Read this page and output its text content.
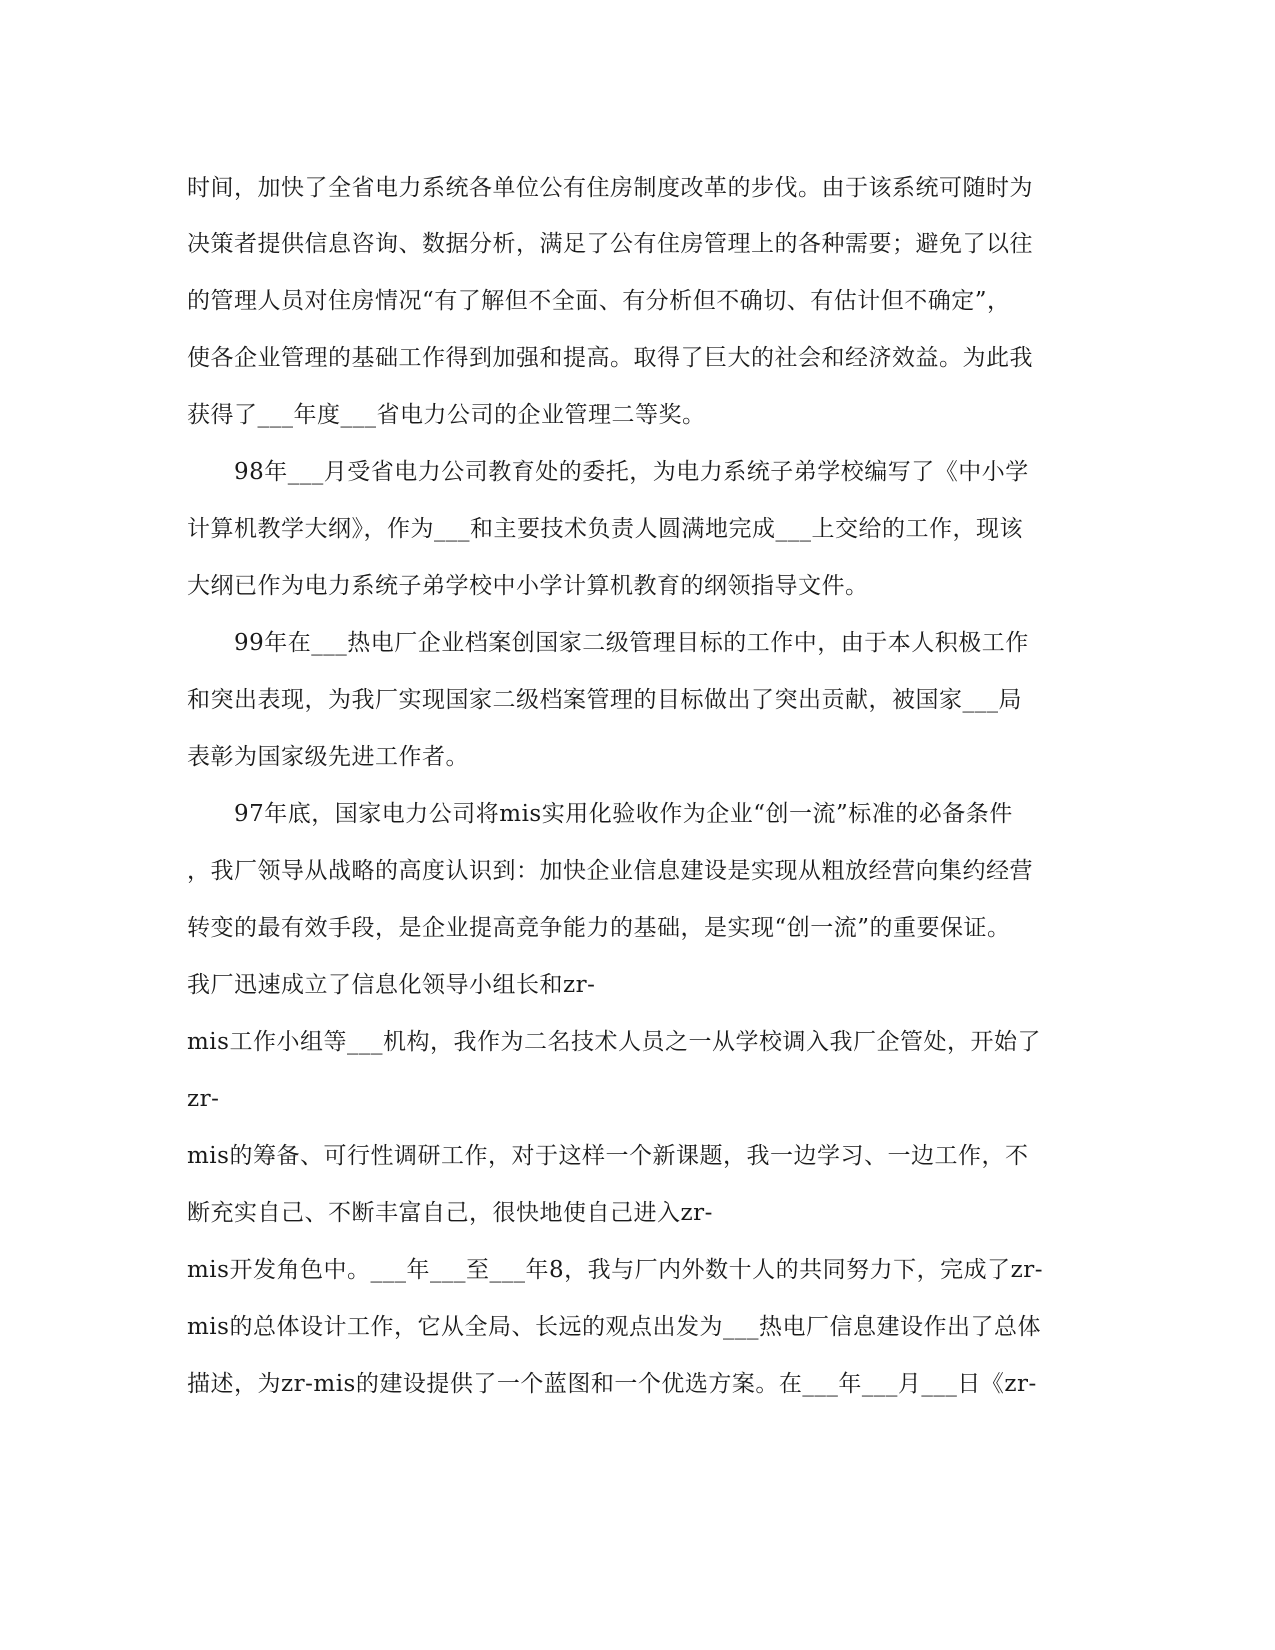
时间，加快了全省电力系统各单位公有住房制度改革的步伐。由于该系统可随时为
决策者提供信息咨询、数据分析，满足了公有住房管理上的各种需要；避免了以往
的管理人员对住房情况“有了解但不全面、有分析但不确切、有估计但不确定”，
使各企业管理的基础工作得到加强和提高。取得了巨大的社会和经济效益。为此我
获得了___年度___省电力公司的企业管理二等奖。
98年___月受省电力公司教育处的委托，为电力系统子弟学校编写了《中小学
计算机教学大纲》，作为___和主要技术负责人圆满地完成___上交给的工作，现该
大纲已作为电力系统子弟学校中小学计算机教育的纲领指导文件。
99年在___热电厂企业档案创国家二级管理目标的工作中，由于本人积极工作
和突出表现，为我厂实现国家二级档案管理的目标做出了突出贡献，被国家___局
表彰为国家级先进工作者。
97年底，国家电力公司将mis实用化验收作为企业“创一流”标准的必备条件
，我厂领导从战略的高度认识到：加快企业信息建设是实现从粗放经营向集约经营
转变的最有效手段，是企业提高竞争能力的基础，是实现“创一流”的重要保证。
我厂迅速成立了信息化领导小组长和zr-
mis工作小组等___机构，我作为二名技术人员之一从学校调入我厂企管处，开始了
zr-
mis的筹备、可行性调研工作，对于这样一个新课题，我一边学习、一边工作，不
断充实自己、不断丰富自己，很快地使自己进入zr-
mis开发角色中。___年___至___年8，我与厂内外数十人的共同努力下，完成了zr-
mis的总体设计工作，它从全局、长远的观点出发为___热电厂信息建设作出了总体
描述，为zr-mis的建设提供了一个蓝图和一个优选方案。在___年___月___日《zr-
